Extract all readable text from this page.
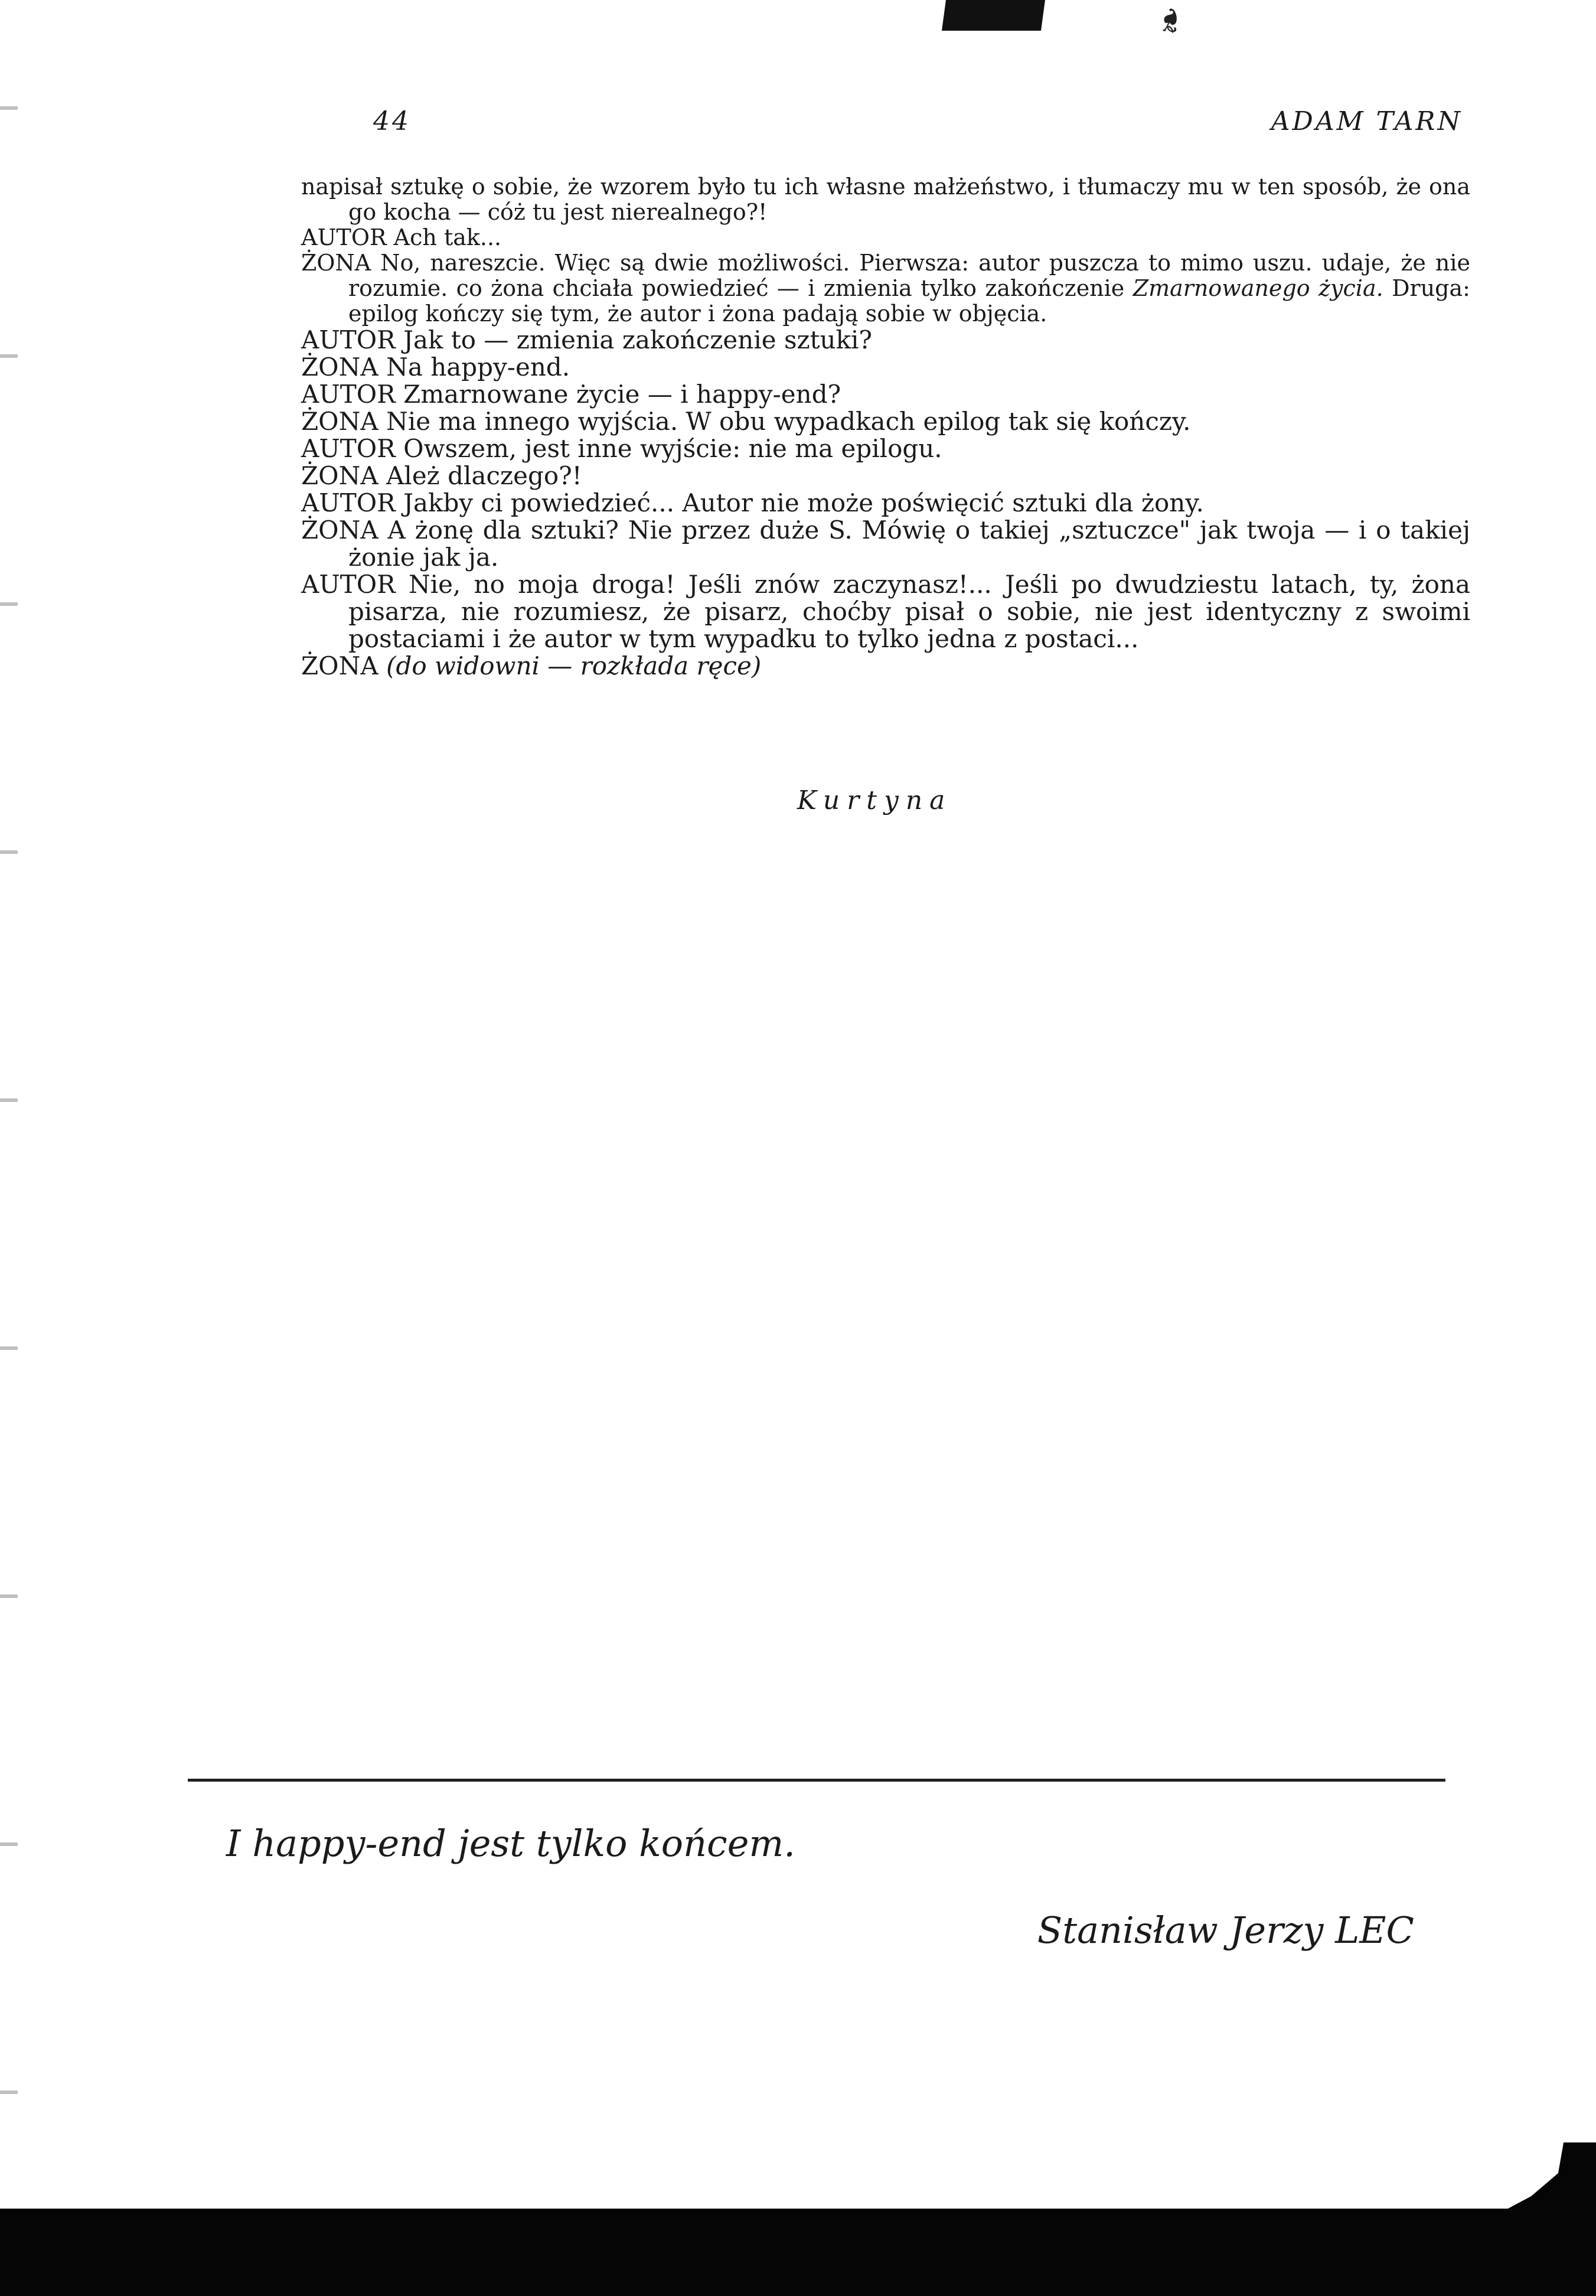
❧
44	ADAM TARN

napisał sztukę o sobie, że wzorem było tu ich własne małżeństwo, i tłumaczy mu w ten sposób, że ona go kocha — cóż tu jest nierealnego?!

AUTOR Ach tak...

ŻONA No, nareszcie. Więc są dwie możliwości. Pierwsza: autor puszcza to mimo uszu. udaje, że nie rozumie. co żona chciała powiedzieć — i zmienia tylko zakończenie Zmarnowanego życia. Druga: epilog kończy się tym, że autor i żona padają sobie w objęcia.

AUTOR Jak to — zmienia zakończenie sztuki?

ŻONA Na happy-end.

AUTOR Zmarnowane życie — i happy-end?

ŻONA Nie ma innego wyjścia. W obu wypadkach epilog tak się kończy.

AUTOR Owszem, jest inne wyjście: nie ma epilogu.

ŻONA Ależ dlaczego?!

AUTOR Jakby ci powiedzieć... Autor nie może poświęcić sztuki dla żony.

ŻONA A żonę dla sztuki? Nie przez duże S. Mówię o takiej „sztuczce" jak twoja — i o takiej żonie jak ja.

AUTOR Nie, no moja droga! Jeśli znów zaczynasz!... Jeśli po dwudziestu latach, ty, żona pisarza, nie rozumiesz, że pisarz, choćby pisał o sobie, nie jest identyczny z swoimi postaciami i że autor w tym wypadku to tylko jedna z postaci...

ŻONA (do widowni — rozkłada ręce)

Kurtyna
I happy-end jest tylko końcem.
Stanisław Jerzy LEC
